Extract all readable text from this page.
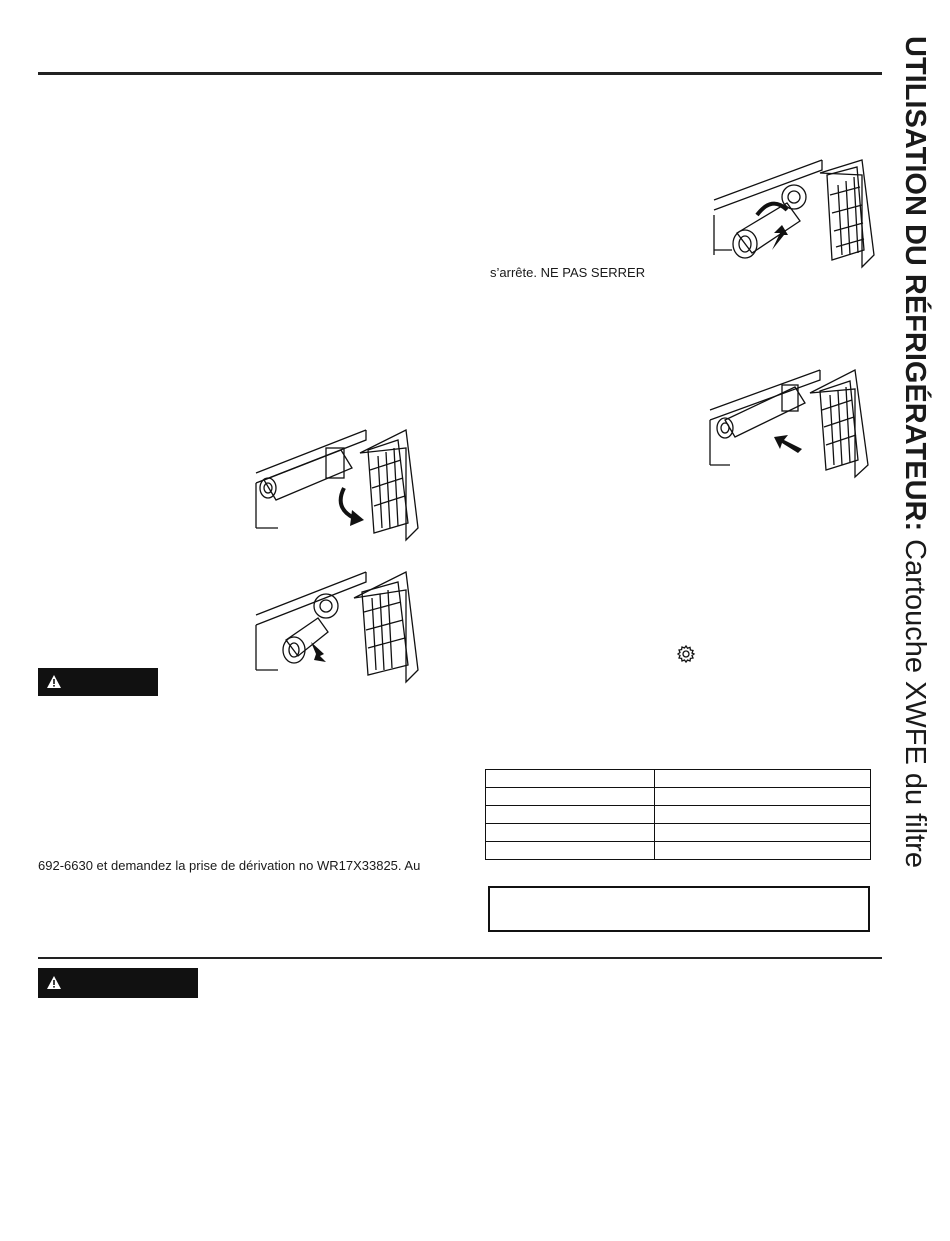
UTILISATION DU RÉFRIGÉRATEUR: Cartouche XWFE du filtre
s’arrête. NE PAS SERRER
692-6630 et demandez la prise de dérivation no WR17X33825. Au
